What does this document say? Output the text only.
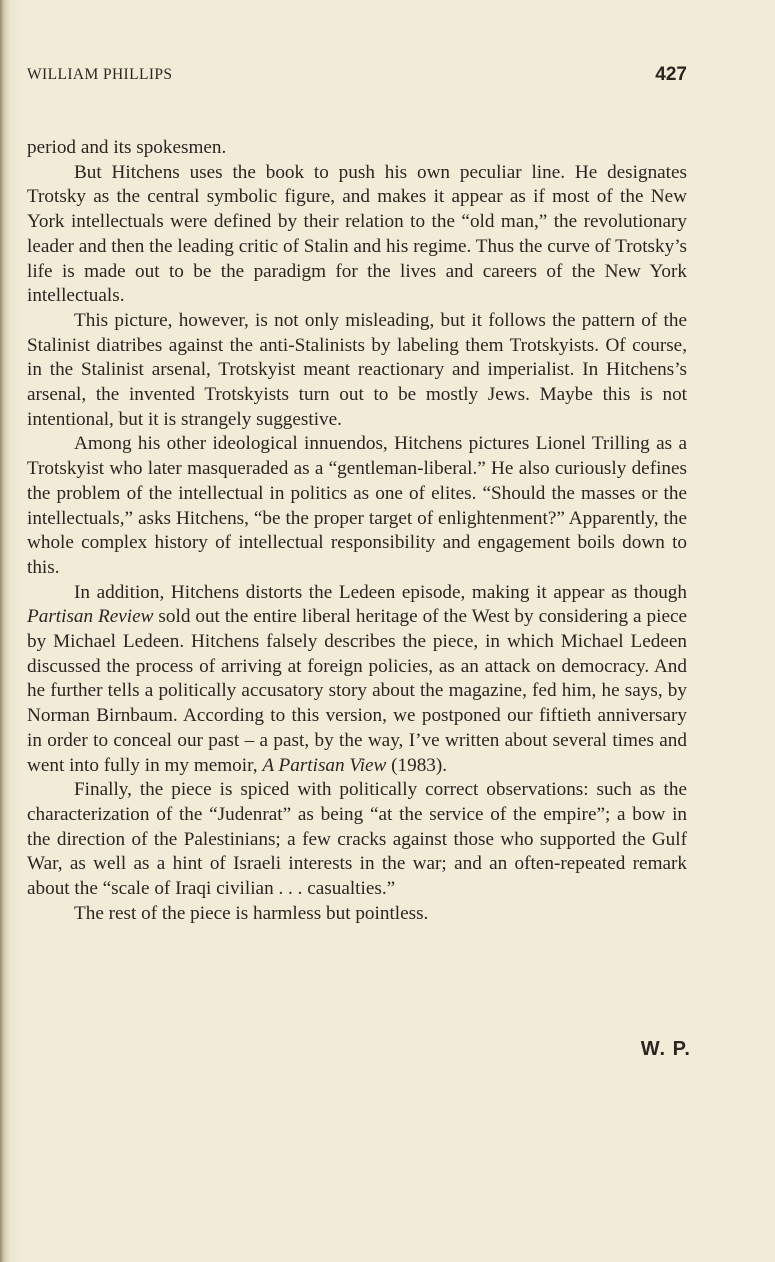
WILLIAM PHILLIPS	427

period and its spokesmen.

But Hitchens uses the book to push his own peculiar line. He designates Trotsky as the central symbolic figure, and makes it appear as if most of the New York intellectuals were defined by their relation to the “old man,” the revolutionary leader and then the leading critic of Stalin and his regime. Thus the curve of Trotsky’s life is made out to be the paradigm for the lives and careers of the New York intellectuals.

This picture, however, is not only misleading, but it follows the pattern of the Stalinist diatribes against the anti-Stalinists by labeling them Trotskyists. Of course, in the Stalinist arsenal, Trotskyist meant reactionary and imperialist. In Hitchens’s arsenal, the invented Trotskyists turn out to be mostly Jews. Maybe this is not intentional, but it is strangely suggestive.

Among his other ideological innuendos, Hitchens pictures Lionel Trilling as a Trotskyist who later masqueraded as a “gentleman-liberal.” He also curiously defines the problem of the intellectual in politics as one of elites. “Should the masses or the intellectuals,” asks Hitchens, “be the proper target of enlightenment?” Apparently, the whole complex history of intellectual responsibility and engagement boils down to this.

In addition, Hitchens distorts the Ledeen episode, making it appear as though Partisan Review sold out the entire liberal heritage of the West by considering a piece by Michael Ledeen. Hitchens falsely describes the piece, in which Michael Ledeen discussed the process of arriving at foreign policies, as an attack on democracy. And he further tells a politically accusatory story about the magazine, fed him, he says, by Norman Birnbaum. According to this version, we postponed our fiftieth anniversary in order to conceal our past – a past, by the way, I’ve written about several times and went into fully in my memoir, A Partisan View (1983).

Finally, the piece is spiced with politically correct observations: such as the characterization of the “Judenrat” as being “at the service of the empire”; a bow in the direction of the Palestinians; a few cracks against those who supported the Gulf War, as well as a hint of Israeli interests in the war; and an often-repeated remark about the “scale of Iraqi civilian . . . casualties.”

The rest of the piece is harmless but pointless.

W. P.
